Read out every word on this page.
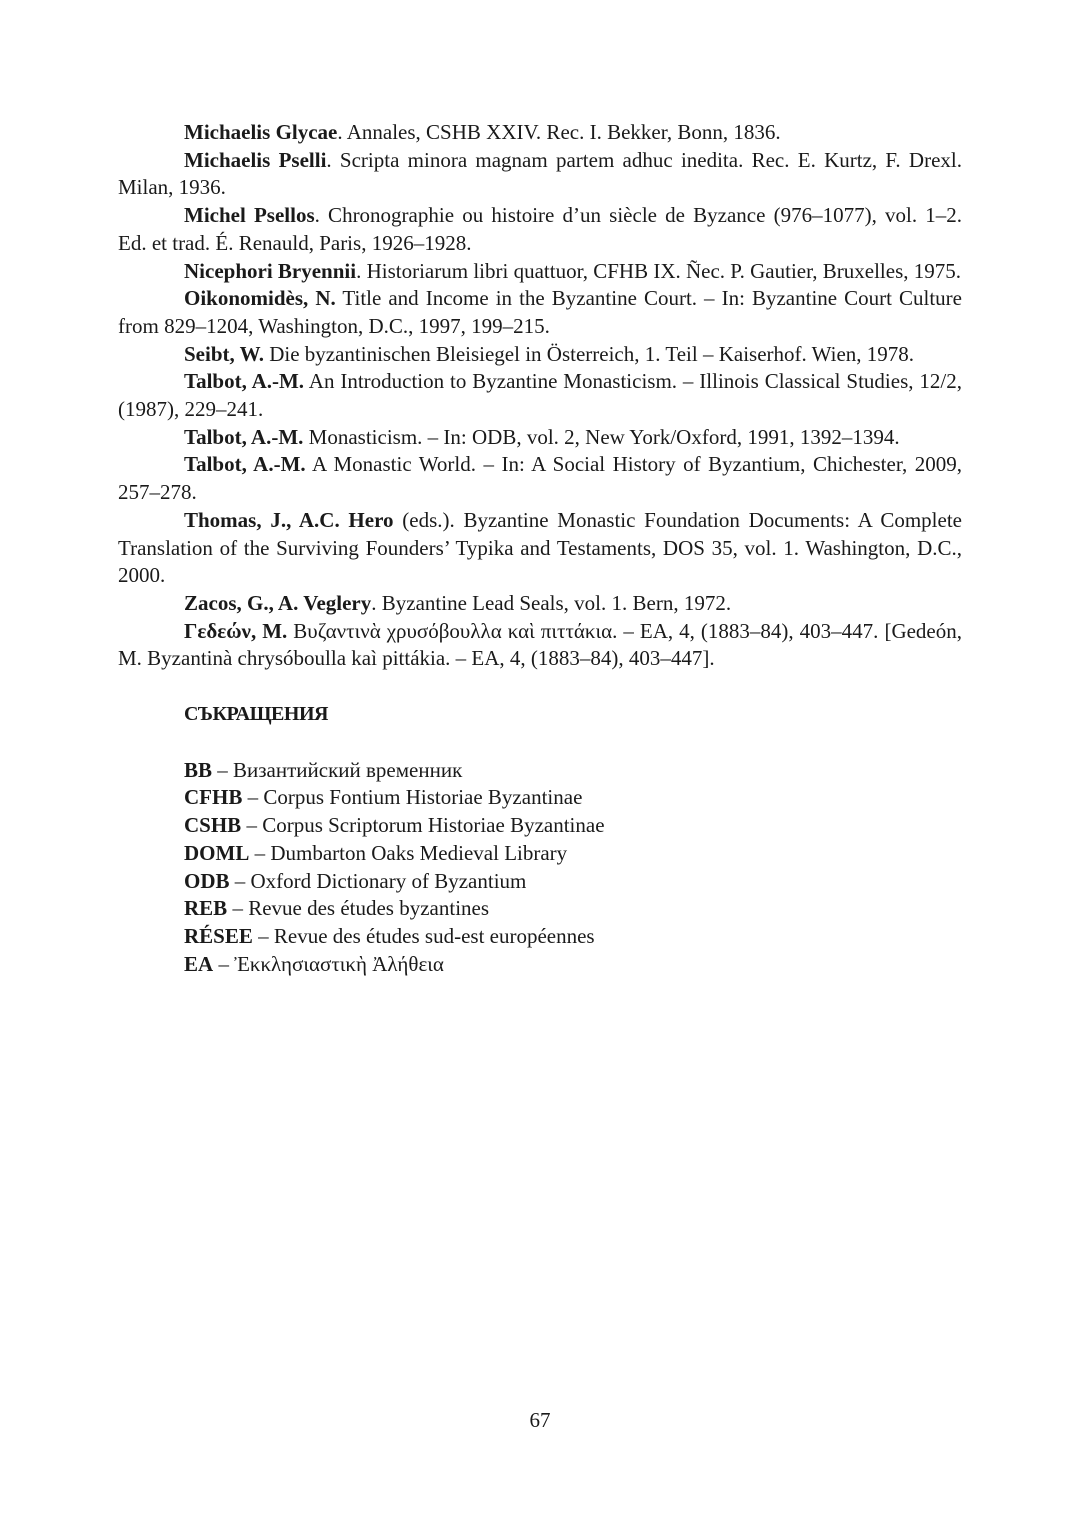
Michaelis Glycae. Annales, CSHB XXIV. Rec. I. Bekker, Bonn, 1836.

Michaelis Pselli. Scripta minora magnam partem adhuc inedita. Rec. E. Kurtz, F. Drexl. Milan, 1936.

Michel Psellos. Chronographie ou histoire d’un siècle de Byzance (976–1077), vol. 1–2. Ed. et trad. É. Renauld, Paris, 1926–1928.

Nicephori Bryennii. Historiarum libri quattuor, CFHB IX. Ñec. P. Gautier, Bruxelles, 1975.

Oikonomidès, N. Title and Income in the Byzantine Court. – In: Byzantine Court Culture from 829–1204, Washington, D.C., 1997, 199–215.

Seibt, W. Die byzantinischen Bleisiegel in Österreich, 1. Teil – Kaiserhof. Wien, 1978.

Talbot, A.-M. An Introduction to Byzantine Monasticism. – Illinois Classical Studies, 12/2, (1987), 229–241.

Talbot, A.-M. Monasticism. – In: ODB, vol. 2, New York/Oxford, 1991, 1392–1394.

Talbot, A.-M. A Monastic World. – In: A Social History of Byzantium, Chichester, 2009, 257–278.

Thomas, J., A.C. Hero (eds.). Byzantine Monastic Foundation Documents: A Complete Translation of the Surviving Founders’ Typika and Testaments, DOS 35, vol. 1. Washington, D.C., 2000.

Zacos, G., A. Veglery. Byzantine Lead Seals, vol. 1. Bern, 1972.

Γεδεών, Μ. Βυζαντινὰ χρυσόβουλλα καὶ πιττάκια. – ЕА, 4, (1883–84), 403–447. [Gedeón, M. Byzantinà chrysóboulla kaì pittákia. – ЕА, 4, (1883–84), 403–447].

СЪКРАЩЕНИЯ
ВВ – Византийский временник
CFHB – Corpus Fontium Historiae Byzantinae
CSHB – Corpus Scriptorum Historiae Byzantinae
DOML – Dumbarton Oaks Medieval Library
ODB – Oxford Dictionary of Byzantium
REB – Revue des études byzantines
RÉSEE – Revue des études sud-est européennes
ЕА – Ἐκκλησιαστικὴ Ἀλήθεια
67
